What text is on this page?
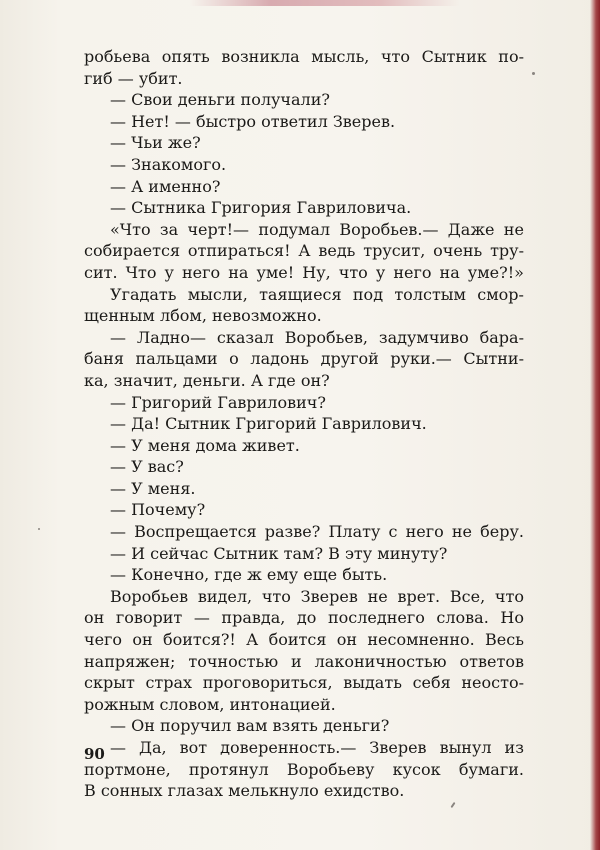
робьева опять возникла мысль, что Сытник по-
гиб — убит.
— Свои деньги получали?
— Нет! — быстро ответил Зверев.
— Чьи же?
— Знакомого.
— А именно?
— Сытника Григория Гавриловича.
«Что за черт!— подумал Воробьев.— Даже не
собирается отпираться! А ведь трусит, очень тру-
сит. Что у него на уме! Ну, что у него на уме?!»
Угадать мысли, таящиеся под толстым смор-
щенным лбом, невозможно.
— Ладно— сказал Воробьев, задумчиво бара-
баня пальцами о ладонь другой руки.— Сытни-
ка, значит, деньги. А где он?
— Григорий Гаврилович?
— Да! Сытник Григорий Гаврилович.
— У меня дома живет.
— У вас?
— У меня.
— Почему?
— Воспрещается разве? Плату с него не беру.
— И сейчас Сытник там? В эту минуту?
— Конечно, где ж ему еще быть.
Воробьев видел, что Зверев не врет. Все, что
он говорит — правда, до последнего слова. Но
чего он боится?! А боится он несомненно. Весь
напряжен; точностью и лаконичностью ответов
скрыт страх проговориться, выдать себя неосто-
рожным словом, интонацией.
— Он поручил вам взять деньги?
— Да, вот доверенность.— Зверев вынул из
портмоне, протянул Воробьеву кусок бумаги.
В сонных глазах мелькнуло ехидство.
90
